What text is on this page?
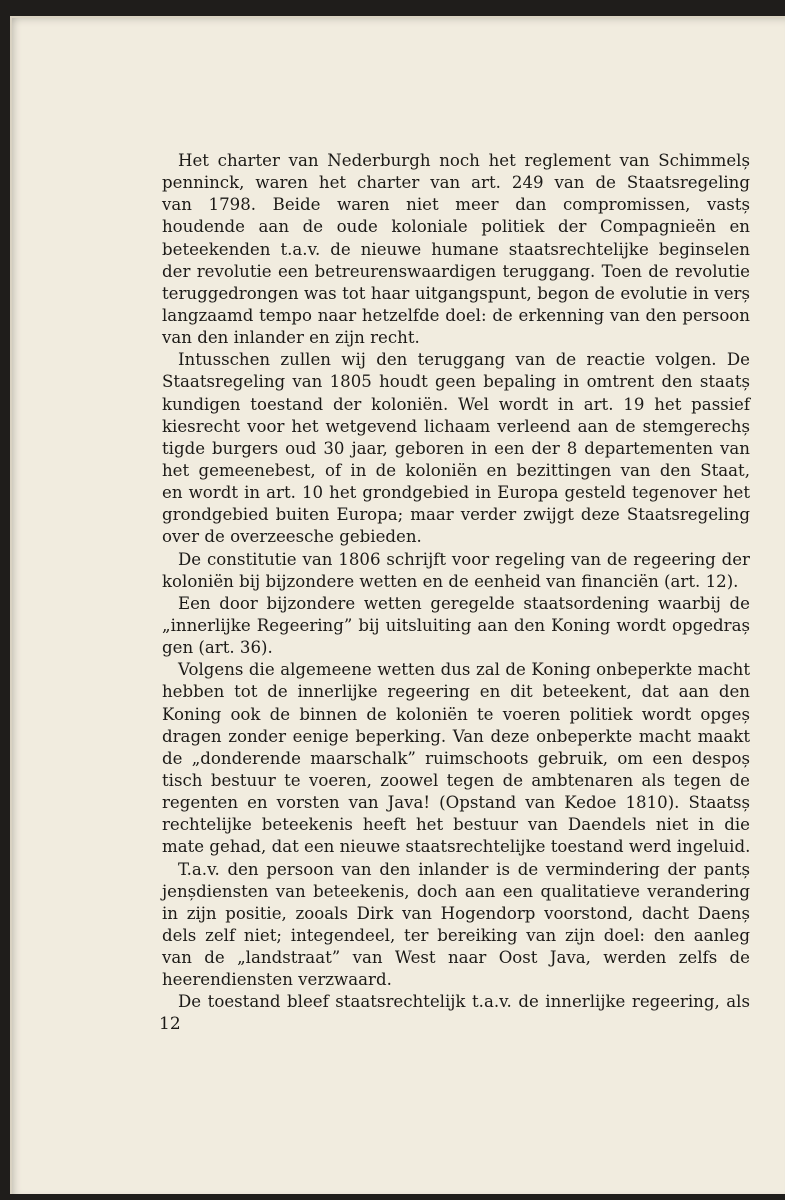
Het charter van Nederburgh noch het reglement van Schimmelș
penninck, waren het charter van art. 249 van de Staatsregeling
van 1798. Beide waren niet meer dan compromissen, vastș
houdende aan de oude koloniale politiek der Compagnieën en
beteekenden t.a.v. de nieuwe humane staatsrechtelijke beginselen
der revolutie een betreurenswaardigen teruggang. Toen de revolutie
teruggedrongen was tot haar uitgangspunt, begon de evolutie in verș
langzaamd tempo naar hetzelfde doel: de erkenning van den persoon
van den inlander en zijn recht.
Intusschen zullen wij den teruggang van de reactie volgen. De
Staatsregeling van 1805 houdt geen bepaling in omtrent den staatș
kundigen toestand der koloniën. Wel wordt in art. 19 het passief
kiesrecht voor het wetgevend lichaam verleend aan de stemgerechș
tigde burgers oud 30 jaar, geboren in een der 8 departementen van
het gemeenebest, of in de koloniën en bezittingen van den Staat,
en wordt in art. 10 het grondgebied in Europa gesteld tegenover het
grondgebied buiten Europa; maar verder zwijgt deze Staatsregeling
over de overzeesche gebieden.
De constitutie van 1806 schrijft voor regeling van de regeering der
koloniën bij bijzondere wetten en de eenheid van financiën (art. 12).
Een door bijzondere wetten geregelde staatsordening waarbij de
„innerlijke Regeering” bij uitsluiting aan den Koning wordt opgedraș
gen (art. 36).
Volgens die algemeene wetten dus zal de Koning onbeperkte macht
hebben tot de innerlijke regeering en dit beteekent, dat aan den
Koning ook de binnen de koloniën te voeren politiek wordt opgeș
dragen zonder eenige beperking. Van deze onbeperkte macht maakt
de „donderende maarschalk” ruimschoots gebruik, om een despoș
tisch bestuur te voeren, zoowel tegen de ambtenaren als tegen de
regenten en vorsten van Java! (Opstand van Kedoe 1810). Staatsș
rechtelijke beteekenis heeft het bestuur van Daendels niet in die
mate gehad, dat een nieuwe staatsrechtelijke toestand werd ingeluid.
T.a.v. den persoon van den inlander is de vermindering der pantș
jenșdiensten van beteekenis, doch aan een qualitatieve verandering
in zijn positie, zooals Dirk van Hogendorp voorstond, dacht Daenș
dels zelf niet; integendeel, ter bereiking van zijn doel: den aanleg
van de „landstraat” van West naar Oost Java, werden zelfs de
heerendiensten verzwaard.
De toestand bleef staatsrechtelijk t.a.v. de innerlijke regeering, als
12
